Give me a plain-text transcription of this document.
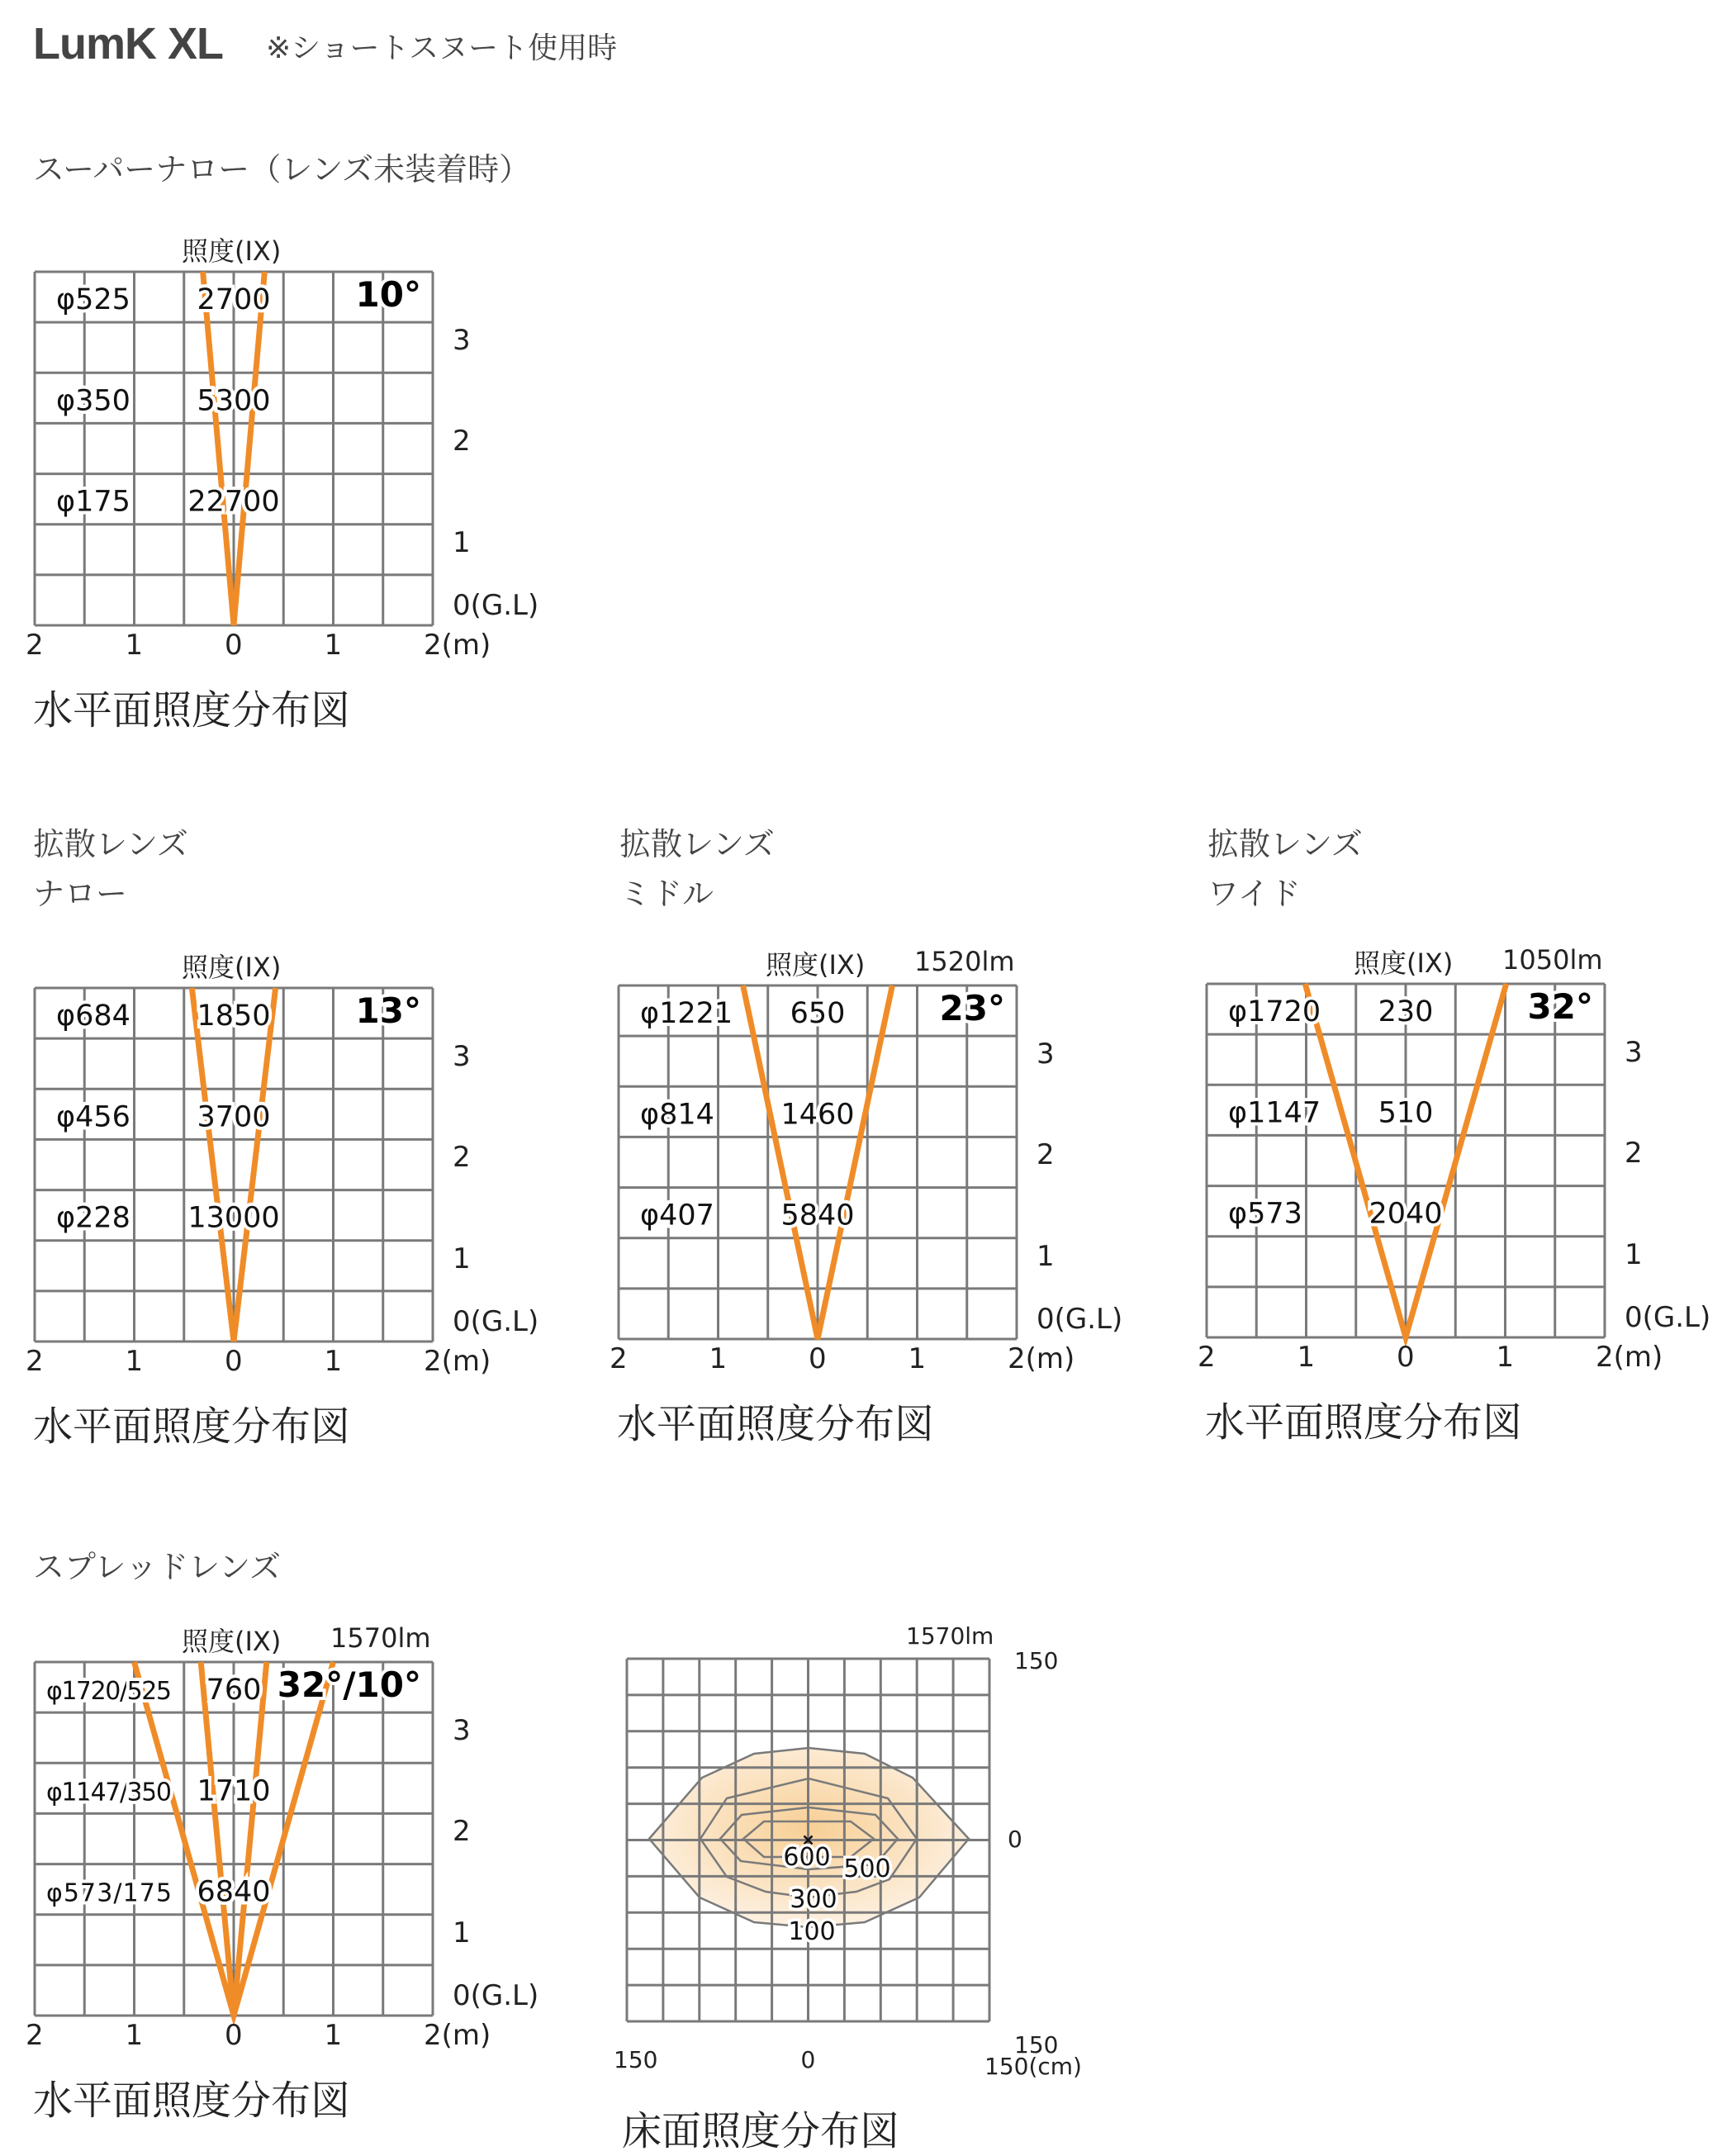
LumK XL ※ショートスヌート使用時
スーパーナロー（レンズ未装着時）
拡散レンズ
ナロー
拡散レンズ
ミドル
拡散レンズ
ワイド
スプレッドレンズ
φ525 2700
φ350 5300
φ175 22700
10°
照度(IX)
3
2
1
0(G.L)
2	1	0	1	2(m)
水平面照度分布図
φ684 1850
φ456 3700
φ228 13000
13°
照度(IX)
3
2
1
0(G.L)
2	1	0	1	2(m)
水平面照度分布図
φ1221 650
φ814 1460
φ407 5840
23°
照度(IX) 1520lm
3
2
1
0(G.L)
2	1	0	1	2(m)
水平面照度分布図
φ1720 230
φ1147 510
φ573 2040
32°
照度(IX) 1050lm
3
2
1
0(G.L)
2	1	0	1	2(m)
水平面照度分布図
φ1720/525 760
φ1147/350 1710
φ573/175 6840
32°/10°
照度(IX) 1570lm
3
2
1
0(G.L)
2	1	0	1	2(m)
水平面照度分布図
600 500
300
100
1570lm
150
0
150
150	0	150(cm)
床面照度分布図
